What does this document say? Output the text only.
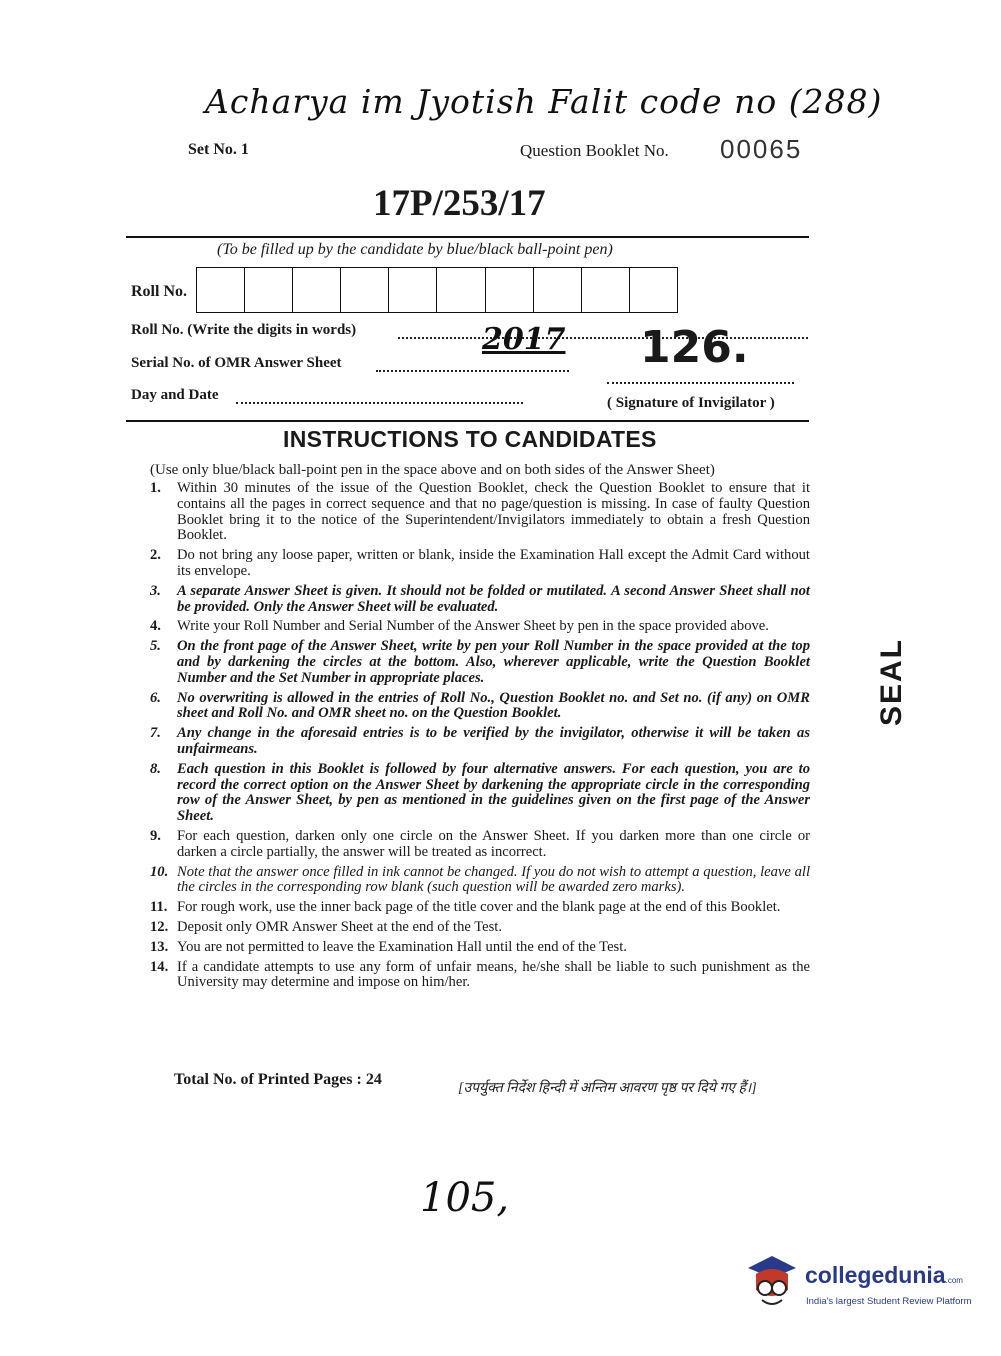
Acharya im Jyotish Falit code no (288)
Set No. 1	Question Booklet No. 00065
17P/253/17
(To be filled up by the candidate by blue/black ball-point pen)
Roll No.
Roll No. (Write the digits in words)
Serial No. of OMR Answer Sheet
Day and Date	( Signature of Invigilator )
2017 126.
INSTRUCTIONS TO CANDIDATES
(Use only blue/black ball-point pen in the space above and on both sides of the Answer Sheet)
1. Within 30 minutes of the issue of the Question Booklet, check the Question Booklet to ensure that it contains all the pages in correct sequence and that no page/question is missing. In case of faulty Question Booklet bring it to the notice of the Superintendent/Invigilators immediately to obtain a fresh Question Booklet.
2. Do not bring any loose paper, written or blank, inside the Examination Hall except the Admit Card without its envelope.
3. A separate Answer Sheet is given. It should not be folded or mutilated. A second Answer Sheet shall not be provided. Only the Answer Sheet will be evaluated.
4. Write your Roll Number and Serial Number of the Answer Sheet by pen in the space provided above.
5. On the front page of the Answer Sheet, write by pen your Roll Number in the space provided at the top and by darkening the circles at the bottom. Also, wherever applicable, write the Question Booklet Number and the Set Number in appropriate places.
6. No overwriting is allowed in the entries of Roll No., Question Booklet no. and Set no. (if any) on OMR sheet and Roll No. and OMR sheet no. on the Question Booklet.
7. Any change in the aforesaid entries is to be verified by the invigilator, otherwise it will be taken as unfairmeans.
8. Each question in this Booklet is followed by four alternative answers. For each question, you are to record the correct option on the Answer Sheet by darkening the appropriate circle in the corresponding row of the Answer Sheet, by pen as mentioned in the guidelines given on the first page of the Answer Sheet.
9. For each question, darken only one circle on the Answer Sheet. If you darken more than one circle or darken a circle partially, the answer will be treated as incorrect.
10. Note that the answer once filled in ink cannot be changed. If you do not wish to attempt a question, leave all the circles in the corresponding row blank (such question will be awarded zero marks).
11. For rough work, use the inner back page of the title cover and the blank page at the end of this Booklet.
12. Deposit only OMR Answer Sheet at the end of the Test.
13. You are not permitted to leave the Examination Hall until the end of the Test.
14. If a candidate attempts to use any form of unfair means, he/she shall be liable to such punishment as the University may determine and impose on him/her.
Total No. of Printed Pages : 24
[उपर्युक्त निर्देश हिन्दी में अन्तिम आवरण पृष्ठ पर दिये गए हैं।]
105,
SEAL
collegedunia.com
India's largest Student Review Platform
